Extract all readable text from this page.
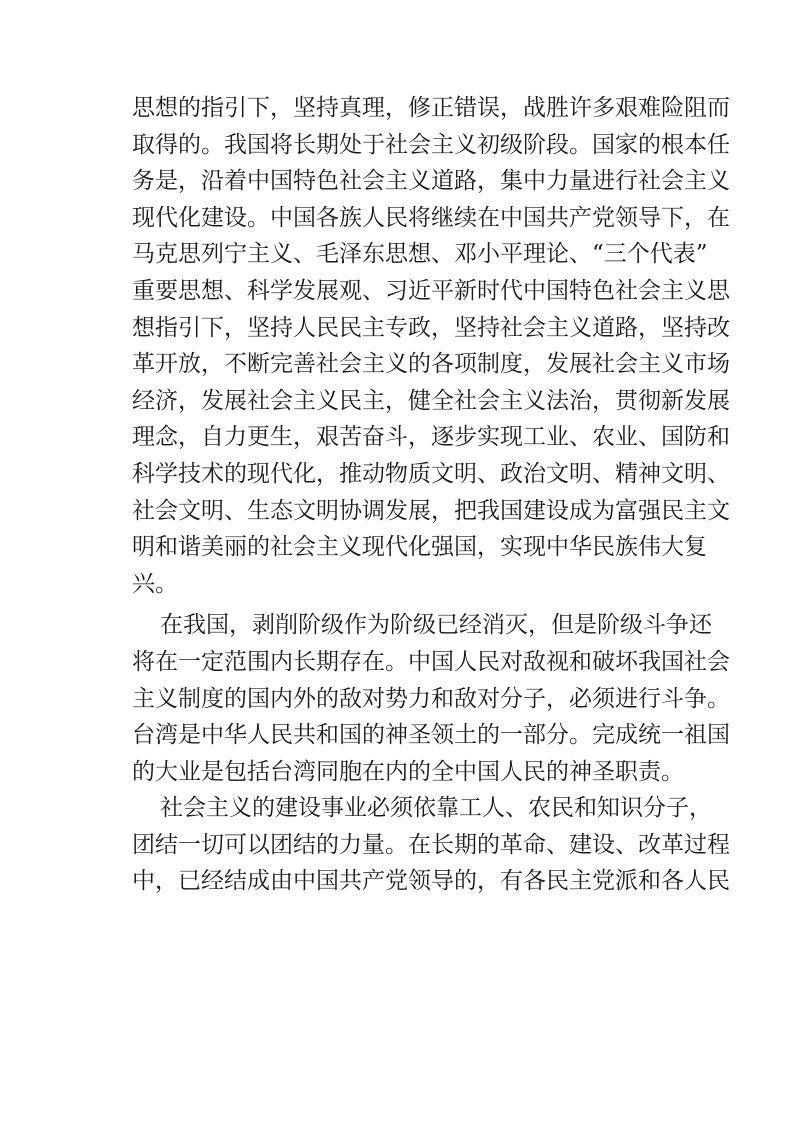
思想的指引下，坚持真理，修正错误，战胜许多艰难险阻而
取得的。我国将长期处于社会主义初级阶段。国家的根本任
务是，沿着中国特色社会主义道路，集中力量进行社会主义
现代化建设。中国各族人民将继续在中国共产党领导下，在
马克思列宁主义、毛泽东思想、邓小平理论、“三个代表”
重要思想、科学发展观、习近平新时代中国特色社会主义思
想指引下，坚持人民民主专政，坚持社会主义道路，坚持改
革开放，不断完善社会主义的各项制度，发展社会主义市场
经济，发展社会主义民主，健全社会主义法治，贯彻新发展
理念，自力更生，艰苦奋斗，逐步实现工业、农业、国防和
科学技术的现代化，推动物质文明、政治文明、精神文明、
社会文明、生态文明协调发展，把我国建设成为富强民主文
明和谐美丽的社会主义现代化强国，实现中华民族伟大复
兴。
在我国，剥削阶级作为阶级已经消灭，但是阶级斗争还
将在一定范围内长期存在。中国人民对敌视和破坏我国社会
主义制度的国内外的敌对势力和敌对分子，必须进行斗争。
台湾是中华人民共和国的神圣领土的一部分。完成统一祖国
的大业是包括台湾同胞在内的全中国人民的神圣职责。
社会主义的建设事业必须依靠工人、农民和知识分子，
团结一切可以团结的力量。在长期的革命、建设、改革过程
中，已经结成由中国共产党领导的，有各民主党派和各人民
